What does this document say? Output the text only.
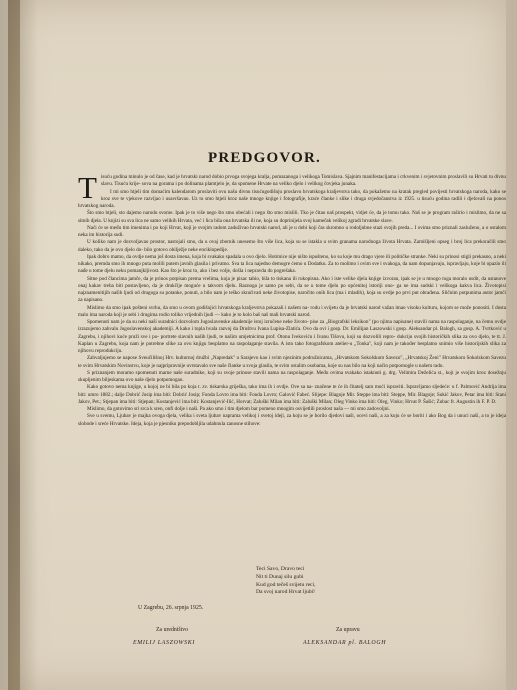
PREDGOVOR.

Tisuću godina minulo je od čase, kad je hrvatski narod dobio prvoga svojega kralja, pomazanoga i velikoga Tomislava. Sjajnim manifestacijama i crkvenim i svjetovnim proslavili su Hrvati tu divnu slavu. Tisuću krije- sova na gorama i po dolinama plamtjelo je, da spomene Hrvate na veliko djelo i velikog čovjeka junaka.

I mi smo htjeli tim domaćim kalendarom proslaviti ovu našu divnu tisućugodišnju proslavu hrvatskoga kraljevstva tako, da pokažemo na kratak pregled povijesti hrvatskoga naroda, kako se kroz sve te vjekove razvijao i usavršavao. Uz to smo htjeli kroz naše mnoge knjige i fotografije, kraće članke i slike i druga svjedočanstva iz 1925. u tisuću godina radili i djelovali na ponos hrvatskog naroda.

Što smo htjeli, sto dajemo narodu svome. Ipak je to više nego što smo obećali i nego što smo mislili. Tko je čitao naš prospekt, vidjet će, da je tomu tako. Naš se je program raširio i mislimo, da ne sa sitnih djela. U knjizi su sva lica ne samo velikih Hrvata, već i lica bila ona hrvatska ili ne, koja su doprinijela svoj kamečak velikoj zgradi hrvatske slave.

Naći će se među tim imenima i po koji Hrvat, koji je svojim radom zaduživao hrvatski narod, ali je u dobi koji čas skromno u rodoljubne stazi svojih preda... I ovima smo priznali zasluženo, a o ostalom neka im historija sudi.

U koliko nam je dozvoljavao prostor, nastojali smo, da u ovaj zbornik unesemo što više lica, koja su se istakla u svim granama narodnoga života Hrvata. Zamišljeni opseg i broj lica prekoračili smo daleko, tako da je ovo djelo do- bilo gotovo obilježje neke enciklopedije.

Ipak dobro mamo, da ovdje nema još dosta imena, koja bi svakako spadala u ovo djelo. Hotimice nije ništo ispušteno, ko su koje mu drago vjere ili političke stranke. Neki su prinosi stigli prekasno, a neki nikako, premda smo ih mnogo puta molili putem javnih glasila i privatno. Sva ta lica najedno demogre ćemo u Dodatku. Za to molimo i ovim sve i svakoga, da nam dopunjavaju, ispravljaju, koje bi opazio ili nađe u tome djelu neku pomanjkljivost. Kao što je kroz to, ako i bez volje, došla i nepravda do pogrešaka.

Sitne pod člancima jamče, da je prinos potpisan prema vrelima, koja je pisac tabio, bila to tiskana ili rukopisna. Ako i iste velike djela knjige izvoran, ipak se je u mnogo toga moralo usdit, da ustanove onaj kakav treba biti postavljeno, da je drukčije moguće u takvom djelu. Raznoga je samo po sebi, da se u tome djelu po općenitoj istoriji ono- ga ne ima sudski i velikoga kakva lica. Životopisi najznamenitijih naših ljudi od drugoga su potanke, ponuti, a bilo nam je teško skraćivati neke životopise, naročito onih lica (ma i mladih), koja su ovdje po prvi put obrađena. Sličnim potpunima autor jamči za napisano.

Mislimo da smo ipak pošteni svrhu, da smo u ovom godišnjici hrvatskoga kraljevstva pokazali i našem na- rodu i svijetu da je hrvatski narod važan imao visoku kulturu, kojom se može ponositi. I dosta malo ima naroda koji je sebi i drugima rodio toliko vrijednih ljudi — kako je to kolo baš naš mali hrvatski narod.

Spomenuti nam je da su neki naši suradnici dozvolom Jugoslavenske akademije istoj izručene neke životo- pise za „Biografski leksikon" (po njima napisane) stavili nama na raspolaganje, na čemu ovdje izrazujemo zahvalu Jugoslavenskoj akademiji. A kako i topla hvala razvoj da Društvu Ivana Lupisa-Zlatića. Ovo da ovi i gosp. Dr. Emilijan Laszowski i gosp. Aleksandar pl. Balogh, sa gosp. A. Tvrtković u Zagrebu, i njihovi kuće pruži sve i po- portrete slavnih naših ljudi, te našim umjetnicima prof. Otonu Ivekoviću i Ivanu Tišovu, koji su dozvolili repro- dukciju svojih historičkih slika za ovo djelo, te tt. J. Kaplan u Zagrebu, koja nam je potrebne slike za ovu knjigu besplatno na raspolaganje stavila. A isto tako fotografskom atelier-u „Tonka", koji nam je također besplatno snimio više historijskih slika za njihovu reprodukciju.

Zahvaljujemo se napose Sveučilišnoj Hrv. kulturnoj družbi „Napredak" u Sarajevu kao i svim njezinim podružnicama, „Hrvatskom Sokolskom Savezu", „Hrvatskoj Ženi" Hrvatskom Sokolskom Savezu te svim Hrvatskim Novinstvu, koje je najpripravnije uvrstavalo sve naše članke u svoja glasila, te svim ostalim osobama, koje su nas bilo na koji način potpomogle u našem radu.

S priznanjem moramo spomenuti marne naše suradnike, koji su svoje prinose stavili nama na raspolaganje. Među ovima svakako istaknuti g. drg. Velimira Deželića st., koji je svojim kroz dosežnju skupljenim biljeskama ovo naše djelo potpomogao.

Kako gotovo nema knjige, u kojoj ne bi bila po koja t. zv. tiskarska griješka, tako ima ih i ovdje. Ove sa na- značene te će ih čitatelj sam moći ispraviti. Ispravljamo sljedeće: u f. Palmović Andrija ima biti: umro 1882.; dalje Dobrić Josip ima biti: Dobrić Josip; Fonda Lovro ima biti: Fonda Lovro; Galović Fabeć. Slijepe: Blagoje Mir. Steppe ima biti: Steppe, Mir. Blagoje; Sukić Jakov, Petar ima biti: Stani Jakov, Pet.; Stjepan ima biti: Stjepan; Kostanjević ima biti: Kostanjević-Ilić, Horvat; Zaluški Milan ima biti: Zaluški Milan; Oleg Vinko ima biti: Oleg, Vinko; Hrvat P. Šašić; Zubac fr. Augustin ih F. P. D.

Mislimo, da gotovimo sri srca k sren, onfi dolje i naši. Pa ako smo i tim djelom bar pomeno mnogim osvijetlili proslost naša — mi smo zadovoljni.

Sve u svemu, Ljubav je majka ovoga djela, velika i sveta ljubav naprama velikoj i svetoj ideji, za koju se je borilo djedovi naši, ocevi naši, a za koju će se boriti i ako Bog da i unuci naši, a to je ideja slobode i sreće Hrvatske. Ideja, koja je pjesniku prepodobljila udahnula zanosne stihove:

Teci Savo, Dravo teci
Nit ti Dunaj silu gubi
Kud god tečeš svijetu reci,
Da svoj narod Hrvat ljubi!
U Zagrebu, 26. srpnja 1925.
Za uredništvo
EMILIJ LASZOWSKI
Za upravu
ALEKSANDAR pl. BALOGH
